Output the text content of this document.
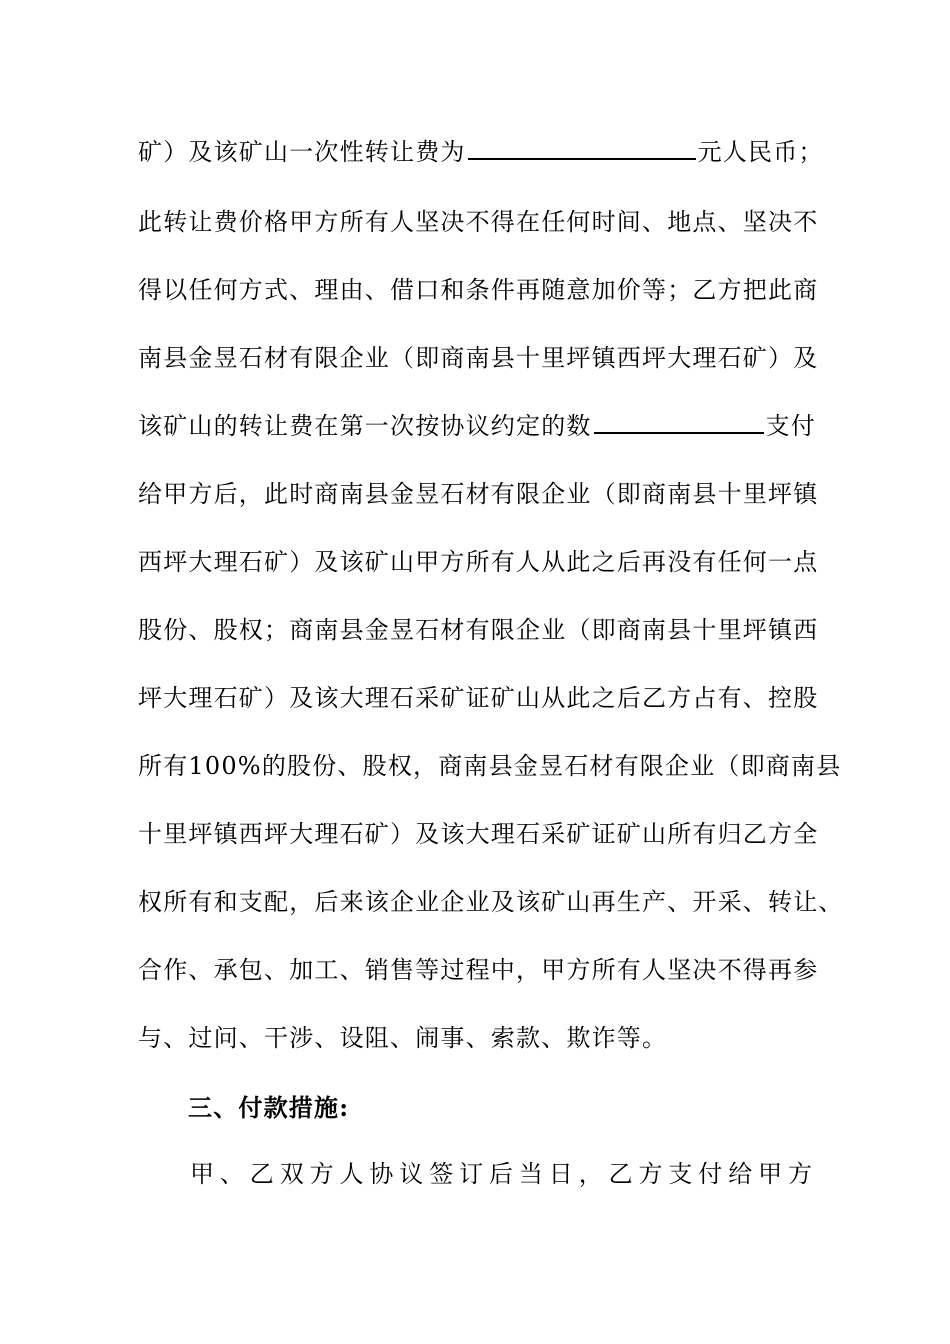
矿）及该矿山一次性转让费为	元人民币；
此转让费价格甲方所有人坚决不得在任何时间、地点、坚决不
得以任何方式、理由、借口和条件再随意加价等；乙方把此商
南县金昱石材有限企业（即商南县十里坪镇西坪大理石矿）及
该矿山的转让费在第一次按协议约定的数	支付
给甲方后，此时商南县金昱石材有限企业（即商南县十里坪镇
西坪大理石矿）及该矿山甲方所有人从此之后再没有任何一点
股份、股权；商南县金昱石材有限企业（即商南县十里坪镇西
坪大理石矿）及该大理石采矿证矿山从此之后乙方占有、控股
所有100%的股份、股权，商南县金昱石材有限企业（即商南县
十里坪镇西坪大理石矿）及该大理石采矿证矿山所有归乙方全
权所有和支配，后来该企业企业及该矿山再生产、开采、转让、
合作、承包、加工、销售等过程中，甲方所有人坚决不得再参
与、过问、干涉、设阻、闹事、索款、欺诈等。
三、付款措施:
甲、乙双方人协议签订后当日，乙方支付给甲方
